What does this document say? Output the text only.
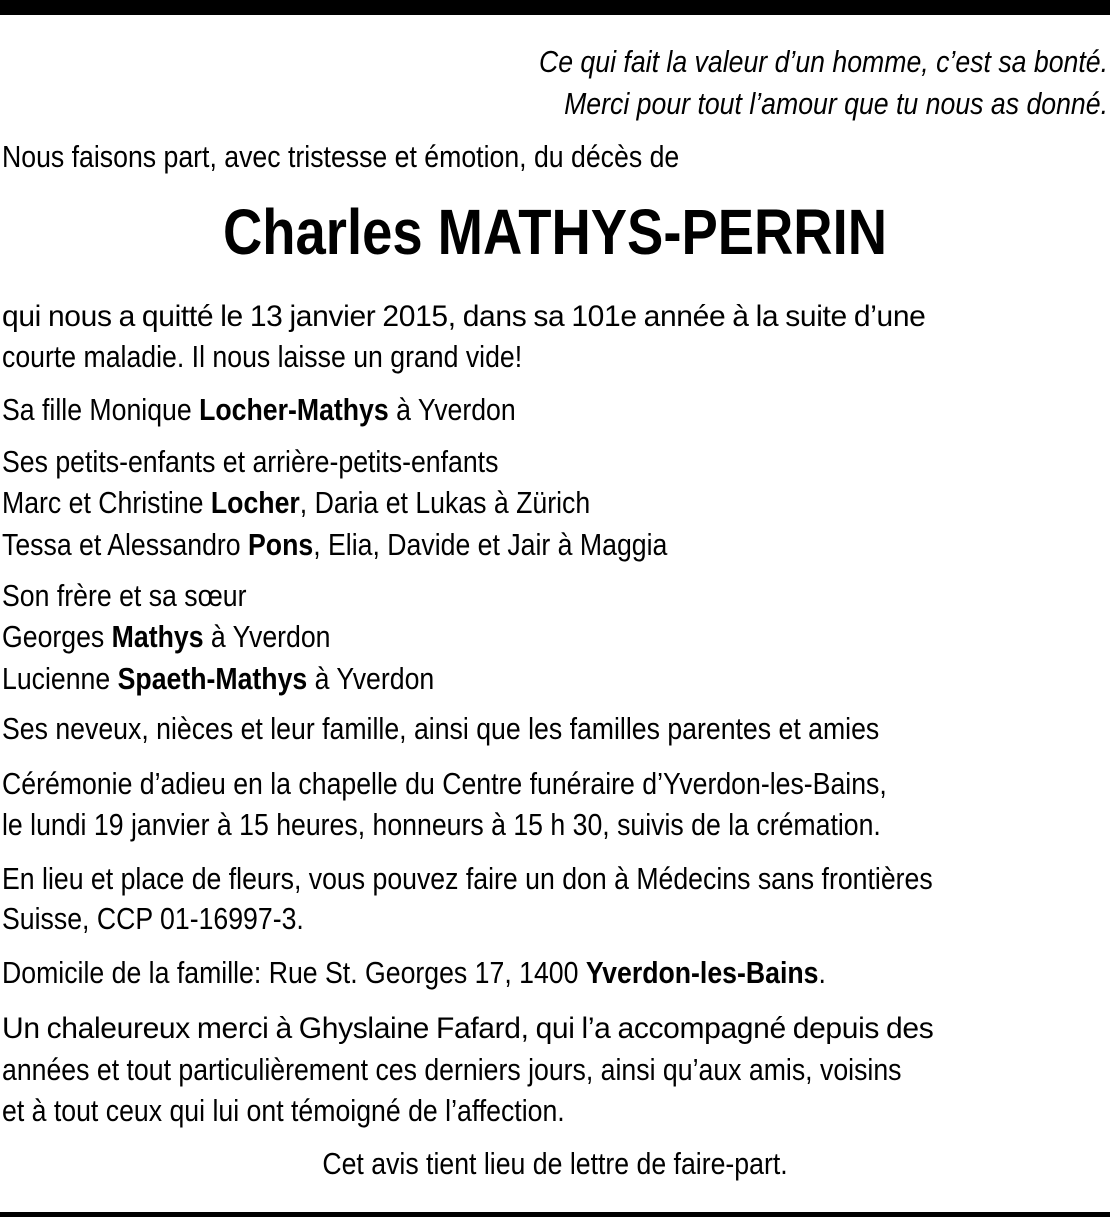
Ce qui fait la valeur d’un homme, c’est sa bonté.

Merci pour tout l’amour que tu nous as donné.

Nous faisons part, avec tristesse et émotion, du décès de

Charles MATHYS-PERRIN

qui nous a quitté le 13 janvier 2015, dans sa 101e année à la suite d’une

courte maladie. Il nous laisse un grand vide!

Sa fille Monique Locher-Mathys à Yverdon

Ses petits-enfants et arrière-petits-enfants

Marc et Christine Locher, Daria et Lukas à Zürich

Tessa et Alessandro Pons, Elia, Davide et Jair à Maggia

Son frère et sa sœur

Georges Mathys à Yverdon

Lucienne Spaeth-Mathys à Yverdon

Ses neveux, nièces et leur famille, ainsi que les familles parentes et amies

Cérémonie d’adieu en la chapelle du Centre funéraire d’Yverdon-les-Bains,

le lundi 19 janvier à 15 heures, honneurs à 15 h 30, suivis de la crémation.

En lieu et place de fleurs, vous pouvez faire un don à Médecins sans frontières

Suisse, CCP 01-16997-3.

Domicile de la famille: Rue St. Georges 17, 1400 Yverdon-les-Bains.

Un chaleureux merci à Ghyslaine Fafard, qui l’a accompagné depuis des

années et tout particulièrement ces derniers jours, ainsi qu’aux amis, voisins

et à tout ceux qui lui ont témoigné de l’affection.

Cet avis tient lieu de lettre de faire-part.
